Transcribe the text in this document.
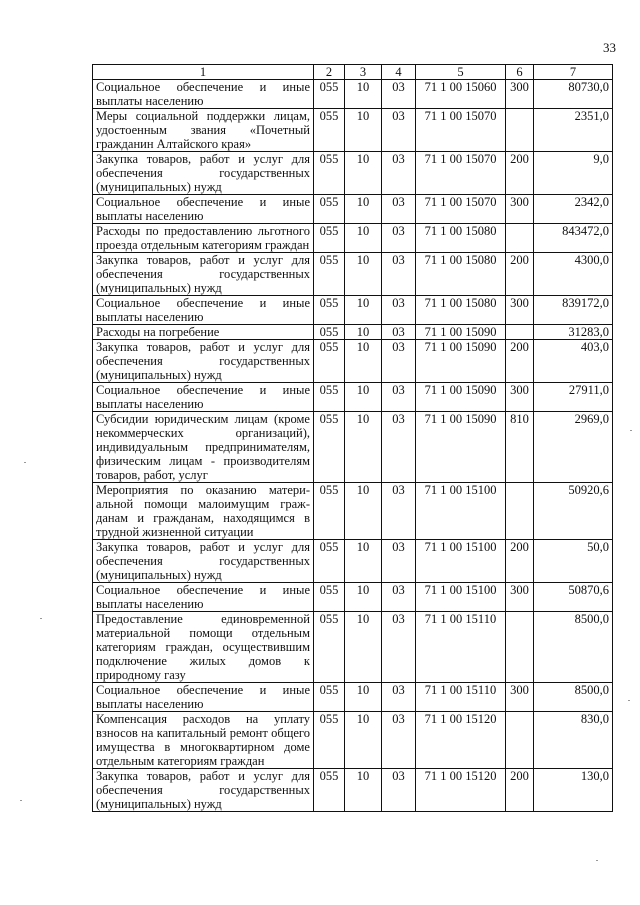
33
1	2	3	4	5	6	7
Социальное обеспечение и иные выплаты населению	055	10	03	71 1 00 15060	300	80730,0
Меры социальной поддержки лицам, удостоенным звания «Почетный гражданин Алтайского края»	055	10	03	71 1 00 15070		2351,0
Закупка товаров, работ и услуг для обеспечения государственных (муниципальных) нужд	055	10	03	71 1 00 15070	200	9,0
Социальное обеспечение и иные выплаты населению	055	10	03	71 1 00 15070	300	2342,0
Расходы по предоставлению льготного проезда отдельным категориям граждан	055	10	03	71 1 00 15080		843472,0
Закупка товаров, работ и услуг для обеспечения государственных (муниципальных) нужд	055	10	03	71 1 00 15080	200	4300,0
Социальное обеспечение и иные выплаты населению	055	10	03	71 1 00 15080	300	839172,0
Расходы на погребение	055	10	03	71 1 00 15090		31283,0
Закупка товаров, работ и услуг для обеспечения государственных (муниципальных) нужд	055	10	03	71 1 00 15090	200	403,0
Социальное обеспечение и иные выплаты населению	055	10	03	71 1 00 15090	300	27911,0
Субсидии юридическим лицам (кроме некоммерческих организаций), индивидуальным предпринимателям, физическим лицам - производителям товаров, работ, услуг	055	10	03	71 1 00 15090	810	2969,0
Мероприятия по оказанию материальной помощи малоимущим гражданам и гражданам, находящимся в трудной жизненной ситуации	055	10	03	71 1 00 15100		50920,6
Закупка товаров, работ и услуг для обеспечения государственных (муниципальных) нужд	055	10	03	71 1 00 15100	200	50,0
Социальное обеспечение и иные выплаты населению	055	10	03	71 1 00 15100	300	50870,6
Предоставление единовременной материальной помощи отдельным категориям граждан, осуществившим подключение жилых домов к природному газу	055	10	03	71 1 00 15110		8500,0
Социальное обеспечение и иные выплаты населению	055	10	03	71 1 00 15110	300	8500,0
Компенсация расходов на уплату взносов на капитальный ремонт общего имущества в многоквартирном доме отдельным категориям граждан	055	10	03	71 1 00 15120		830,0
Закупка товаров, работ и услуг для обеспечения государственных (муниципальных) нужд	055	10	03	71 1 00 15120	200	130,0
